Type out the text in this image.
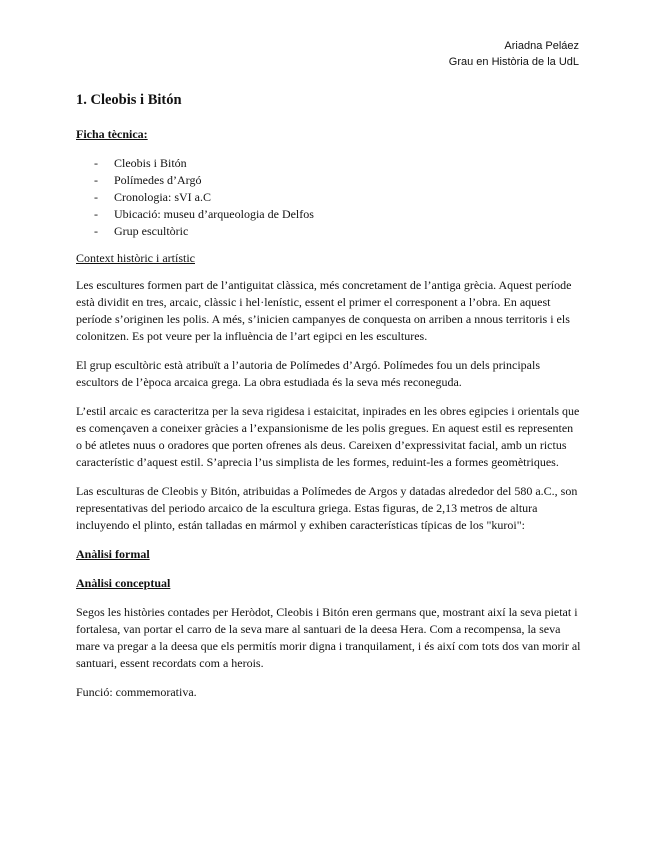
Ariadna Peláez
Grau en Història de la UdL
1. Cleobis i Bitón
Ficha tècnica:
- Cleobis i Bitón
- Polímedes d’Argó
- Cronologia: sVI a.C
- Ubicació: museu d’arqueologia de Delfos
- Grup escultòric
Context històric i artístic

Les escultures formen part de l’antiguitat clàssica, més concretament de l’antiga grècia. Aquest període està dividit en tres, arcaic, clàssic i hel·lenístic, essent el primer el corresponent a l’obra. En aquest període s’originen les polis. A més, s’inicien campanyes de conquesta on arriben a nnous territoris i els colonitzen. Es pot veure per la influència de l’art egipci en les escultures.

El grup escultòric està atribuït a l’autoria de Polímedes d’Argó. Polímedes fou un dels principals escultors de l’època arcaica grega. La obra estudiada és la seva més reconeguda.

L’estil arcaic es caracteritza per la seva rigidesa i estaicitat, inpirades en les obres egipcies i orientals que es començaven a coneixer gràcies a l’expansionisme de les polis gregues. En aquest estil es representen o bé atletes nuus o oradores que porten ofrenes als deus. Careixen d’expressivitat facial, amb un rictus característic d’aquest estil. S’aprecia l’us simplista de les formes, reduint-les a formes geomètriques.

Las esculturas de Cleobis y Bitón, atribuidas a Polímedes de Argos y datadas alrededor del 580 a.C., son representativas del periodo arcaico de la escultura griega. Estas figuras, de 2,13 metros de altura incluyendo el plinto, están talladas en mármol y exhiben características típicas de los "kuroi":

Anàlisi formal
Anàlisi conceptual

Segos les històries contades per Heròdot, Cleobis i Bitón eren germans que, mostrant així la seva pietat i fortalesa, van portar el carro de la seva mare al santuari de la deesa Hera. Com a recompensa, la seva mare va pregar a la deesa que els permitís morir digna i tranquilament, i és així com tots dos van morir al santuari, essent recordats com a herois.

Funció: commemorativa.
